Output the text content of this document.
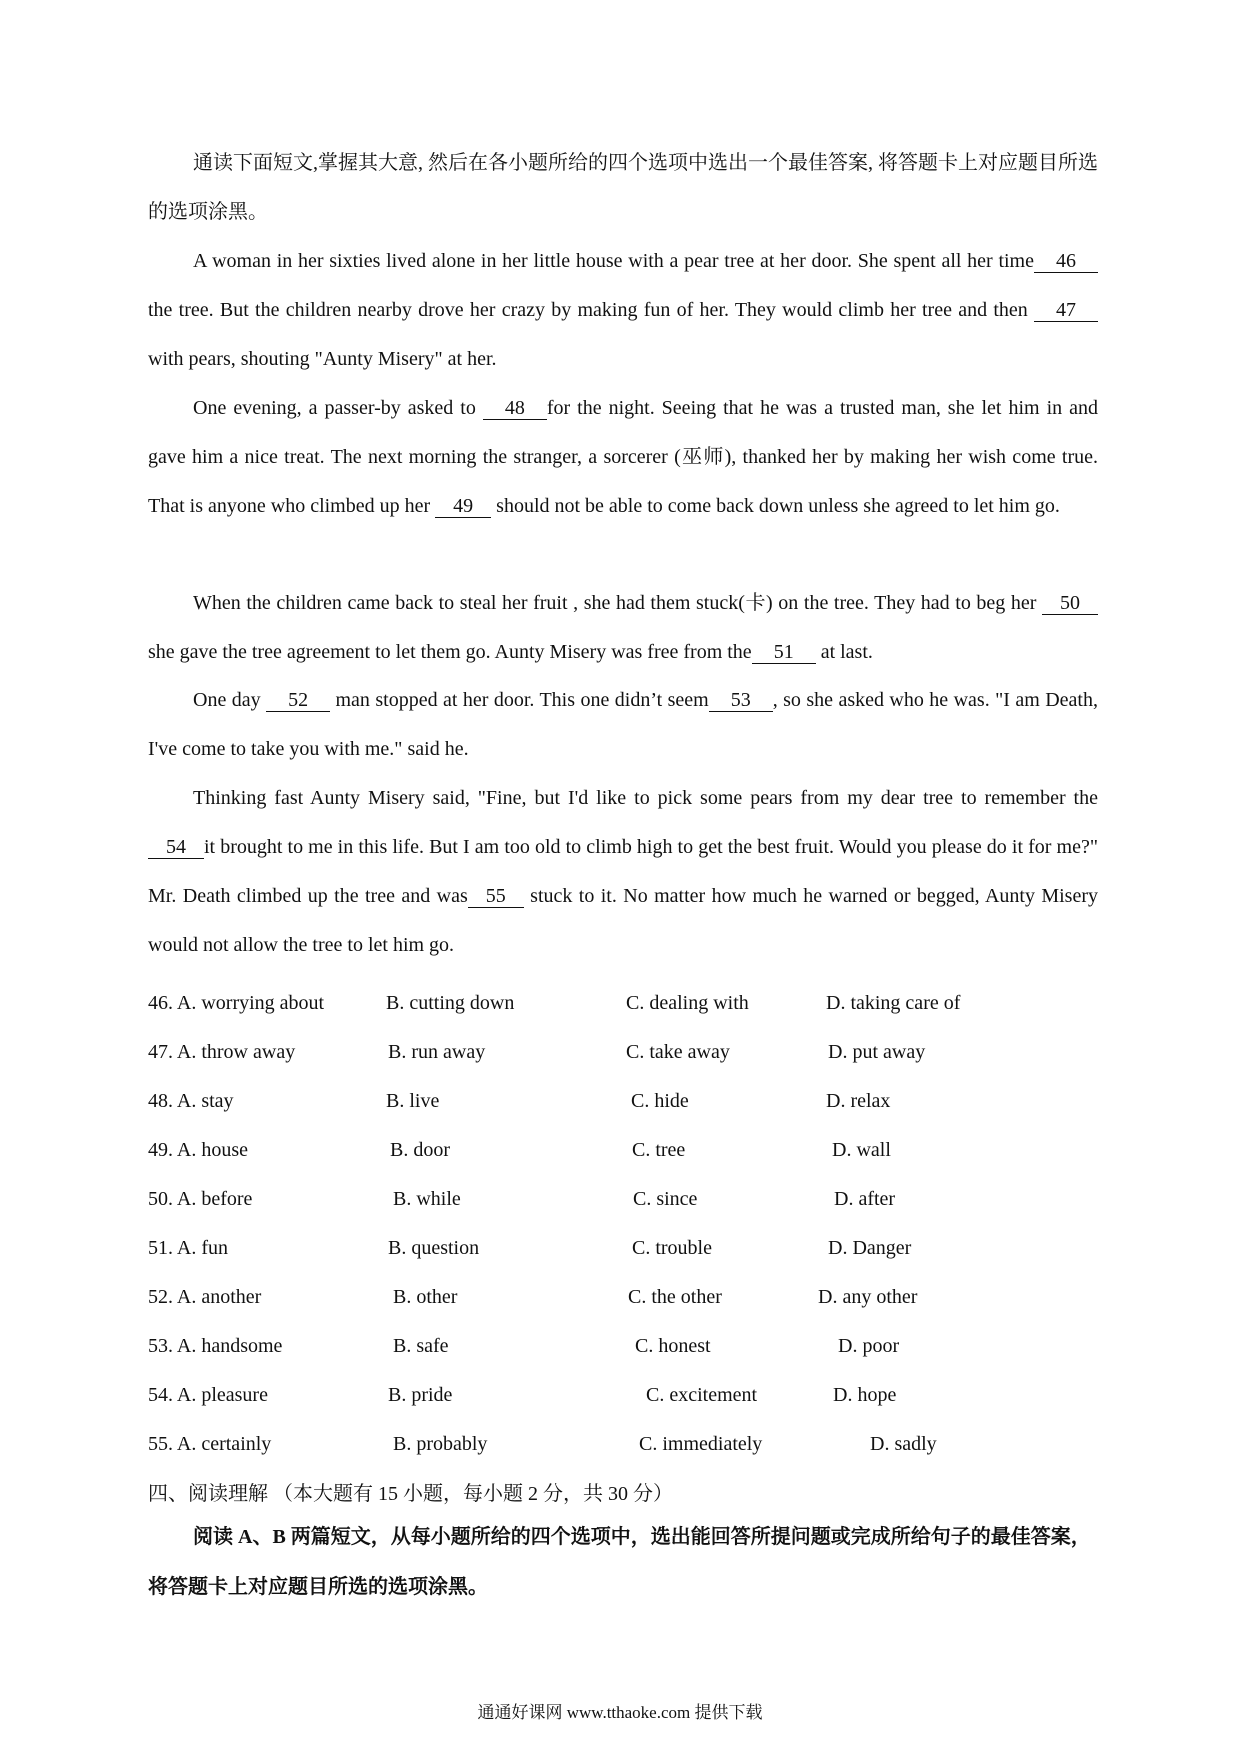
通读下面短文,掌握其大意, 然后在各小题所给的四个选项中选出一个最佳答案, 将答题卡上对应题目所选的选项涂黑。
A woman in her sixties lived alone in her little house with a pear tree at her door. She spent all her time 46the tree. But the children nearby drove her crazy by making fun of her. They would climb her tree and then 47with pears, shouting "Aunty Misery" at her.
One evening, a passer-by asked to 48 for the night. Seeing that he was a trusted man, she let him in and gave him a nice treat. The next morning the stranger, a sorcerer (巫师), thanked her by making her wish come true. That is anyone who climbed up her 49 should not be able to come back down unless she agreed to let him go.
When the children came back to steal her fruit , she had them stuck(卡) on the tree. They had to beg her 50she gave the tree agreement to let them go. Aunty Misery was free from the 51 at last.
One day 52 man stopped at her door. This one didn’t seem 53 , so she asked who he was. "I am Death, I've come to take you with me." said he.
Thinking fast Aunty Misery said, "Fine, but I'd like to pick some pears from my dear tree to remember the 54 it brought to me in this life. But I am too old to climb high to get the best fruit. Would you please do it for me?" Mr. Death climbed up the tree and was 55 stuck to it. No matter how much he warned or begged, Aunty Misery would not allow the tree to let him go.
46. A. worrying about	B. cutting down	C. dealing with	D. taking care of
47. A. throw away	B. run away	C. take away	D. put away
48. A. stay	B. live	C. hide	D. relax
49. A. house	B. door	C. tree	D. wall
50. A. before	B. while	C. since	D. after
51. A. fun	B. question	C. trouble	D. Danger
52. A. another	B. other	C. the other	D. any other
53. A. handsome	B. safe	C. honest	D. poor
54. A. pleasure	B. pride	C. excitement	D. hope
55. A. certainly	B. probably	C. immediately	D. sadly
四、阅读理解 （本大题有 15 小题，每小题 2 分，共 30 分）
阅读 A、B 两篇短文，从每小题所给的四个选项中，选出能回答所提问题或完成所给句子的最佳答案，将答题卡上对应题目所选的选项涂黑。
通通好课网 www.tthaoke.com 提供下载
